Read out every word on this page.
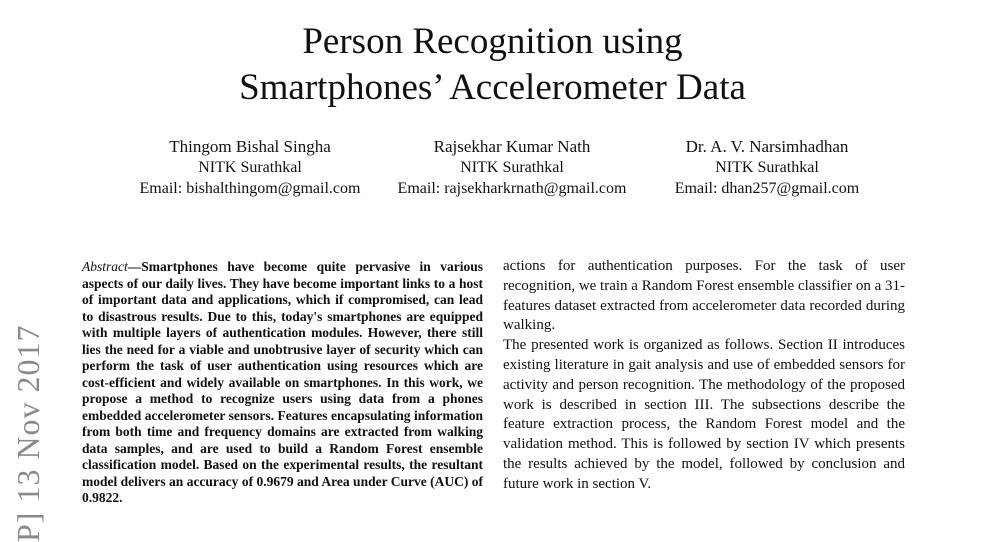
Person Recognition using
Smartphones’ Accelerometer Data
Thingom Bishal Singha
NITK Surathkal
Email: bishalthingom@gmail.com
Rajsekhar Kumar Nath
NITK Surathkal
Email: rajsekharkrnath@gmail.com
Dr. A. V. Narsimhadhan
NITK Surathkal
Email: dhan257@gmail.com
P] 13 Nov 2017
Abstract—Smartphones have become quite pervasive in various aspects of our daily lives. They have become important links to a host of important data and applications, which if compromised, can lead to disastrous results. Due to this, today's smartphones are equipped with multiple layers of authentication modules. However, there still lies the need for a viable and unobtrusive layer of security which can perform the task of user authentication using resources which are cost-efficient and widely available on smartphones. In this work, we propose a method to recognize users using data from a phones embedded accelerometer sensors. Features encapsulating information from both time and frequency domains are extracted from walking data samples, and are used to build a Random Forest ensemble classification model. Based on the experimental results, the resultant model delivers an accuracy of 0.9679 and Area under Curve (AUC) of 0.9822.

actions for authentication purposes. For the task of user recognition, we train a Random Forest ensemble classifier on a 31-features dataset extracted from accelerometer data recorded during walking.

The presented work is organized as follows. Section II introduces existing literature in gait analysis and use of embedded sensors for activity and person recognition. The methodology of the proposed work is described in section III. The subsections describe the feature extraction process, the Random Forest model and the validation method. This is followed by section IV which presents the results achieved by the model, followed by conclusion and future work in section V.
